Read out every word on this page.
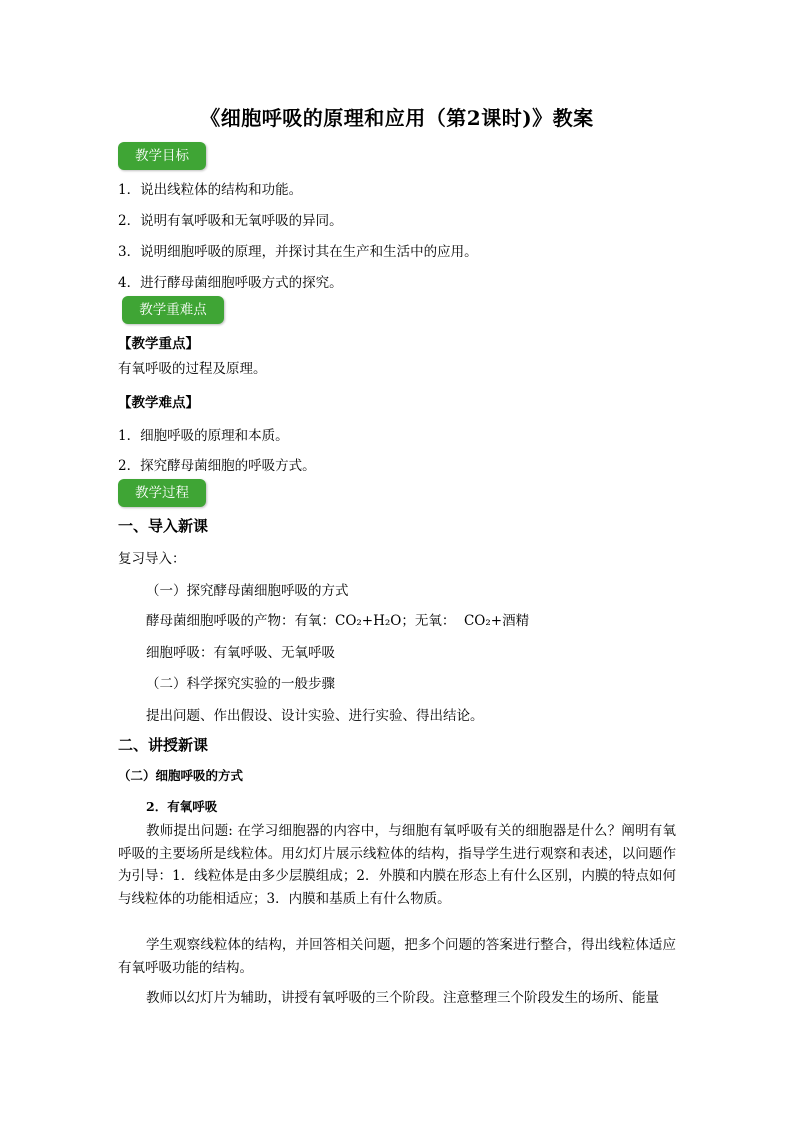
《细胞呼吸的原理和应用（第2课时)》教案
教学目标
1．说出线粒体的结构和功能。
2．说明有氧呼吸和无氧呼吸的异同。
3．说明细胞呼吸的原理，并探讨其在生产和生活中的应用。
4．进行酵母菌细胞呼吸方式的探究。
教学重难点
【教学重点】
有氧呼吸的过程及原理。
【教学难点】
1．细胞呼吸的原理和本质。
2．探究酵母菌细胞的呼吸方式。
教学过程
一、导入新课
复习导入：
（一）探究酵母菌细胞呼吸的方式
酵母菌细胞呼吸的产物：有氧：CO₂+H₂O；无氧： CO₂+酒精
细胞呼吸：有氧呼吸、无氧呼吸
（二）科学探究实验的一般步骤
提出问题、作出假设、设计实验、进行实验、得出结论。
二、讲授新课
（二）细胞呼吸的方式
2．有氧呼吸
教师提出问题: 在学习细胞器的内容中，与细胞有氧呼吸有关的细胞器是什么？阐明有氧呼吸的主要场所是线粒体。用幻灯片展示线粒体的结构，指导学生进行观察和表述，以问题作为引导：1．线粒体是由多少层膜组成；2．外膜和内膜在形态上有什么区别，内膜的特点如何与线粒体的功能相适应；3．内膜和基质上有什么物质。
学生观察线粒体的结构，并回答相关问题，把多个问题的答案进行整合，得出线粒体适应有氧呼吸功能的结构。
教师以幻灯片为辅助，讲授有氧呼吸的三个阶段。注意整理三个阶段发生的场所、能量
